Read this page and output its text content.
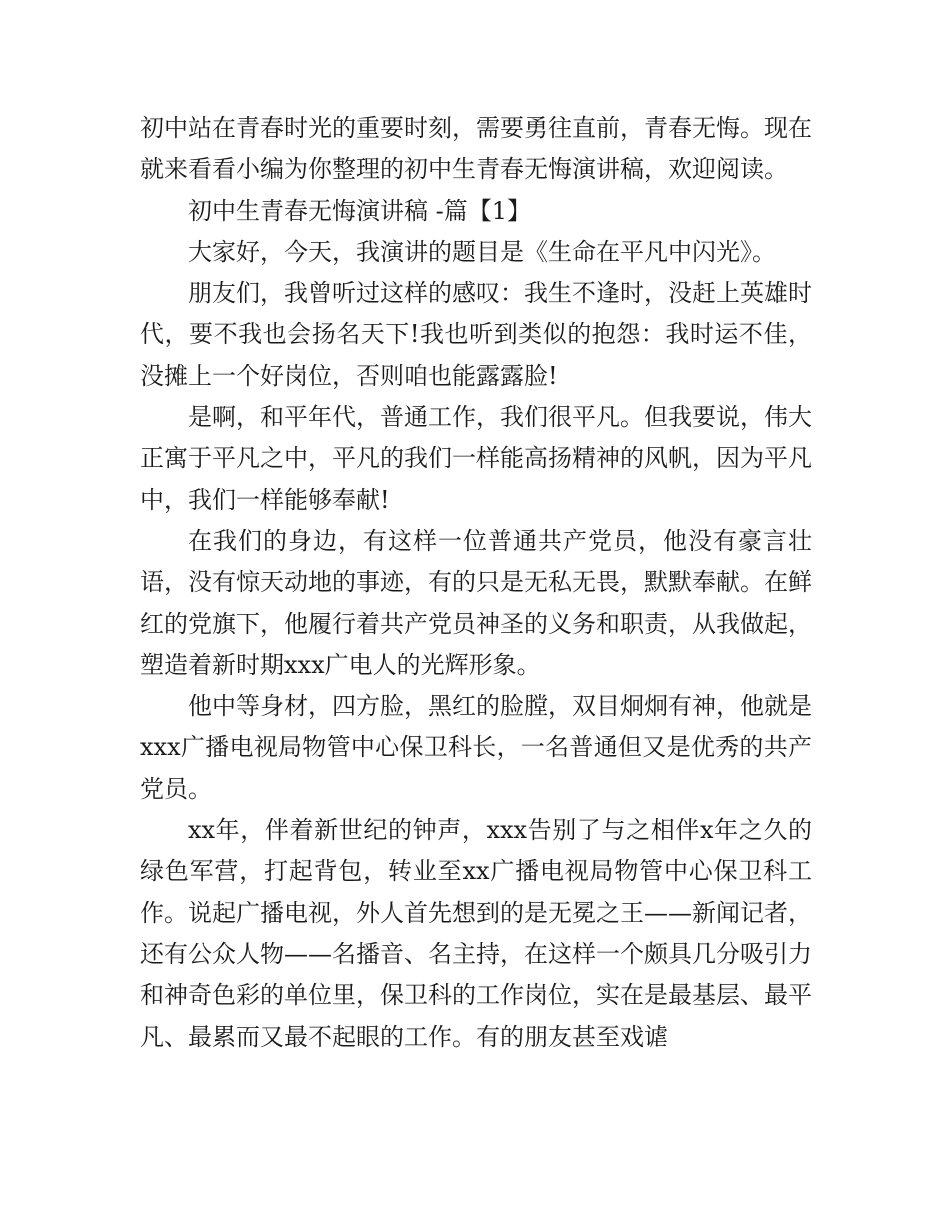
初中站在青春时光的重要时刻，需要勇往直前，青春无悔。现在就来看看小编为你整理的初中生青春无悔演讲稿，欢迎阅读。

初中生青春无悔演讲稿 -篇【1】

大家好，今天，我演讲的题目是《生命在平凡中闪光》。

朋友们，我曾听过这样的感叹：我生不逢时，没赶上英雄时代，要不我也会扬名天下!我也听到类似的抱怨：我时运不佳，没摊上一个好岗位，否则咱也能露露脸!

是啊，和平年代，普通工作，我们很平凡。但我要说，伟大正寓于平凡之中，平凡的我们一样能高扬精神的风帆，因为平凡中，我们一样能够奉献!

在我们的身边，有这样一位普通共产党员，他没有豪言壮语，没有惊天动地的事迹，有的只是无私无畏，默默奉献。在鲜红的党旗下，他履行着共产党员神圣的义务和职责，从我做起，塑造着新时期xxx广电人的光辉形象。

他中等身材，四方脸，黑红的脸膛，双目炯炯有神，他就是xxx广播电视局物管中心保卫科长，一名普通但又是优秀的共产党员。

xx年，伴着新世纪的钟声，xxx告别了与之相伴x年之久的绿色军营，打起背包，转业至xx广播电视局物管中心保卫科工作。说起广播电视，外人首先想到的是无冕之王——新闻记者，还有公众人物——名播音、名主持，在这样一个颇具几分吸引力和神奇色彩的单位里，保卫科的工作岗位，实在是最基层、最平凡、最累而又最不起眼的工作。有的朋友甚至戏谑
